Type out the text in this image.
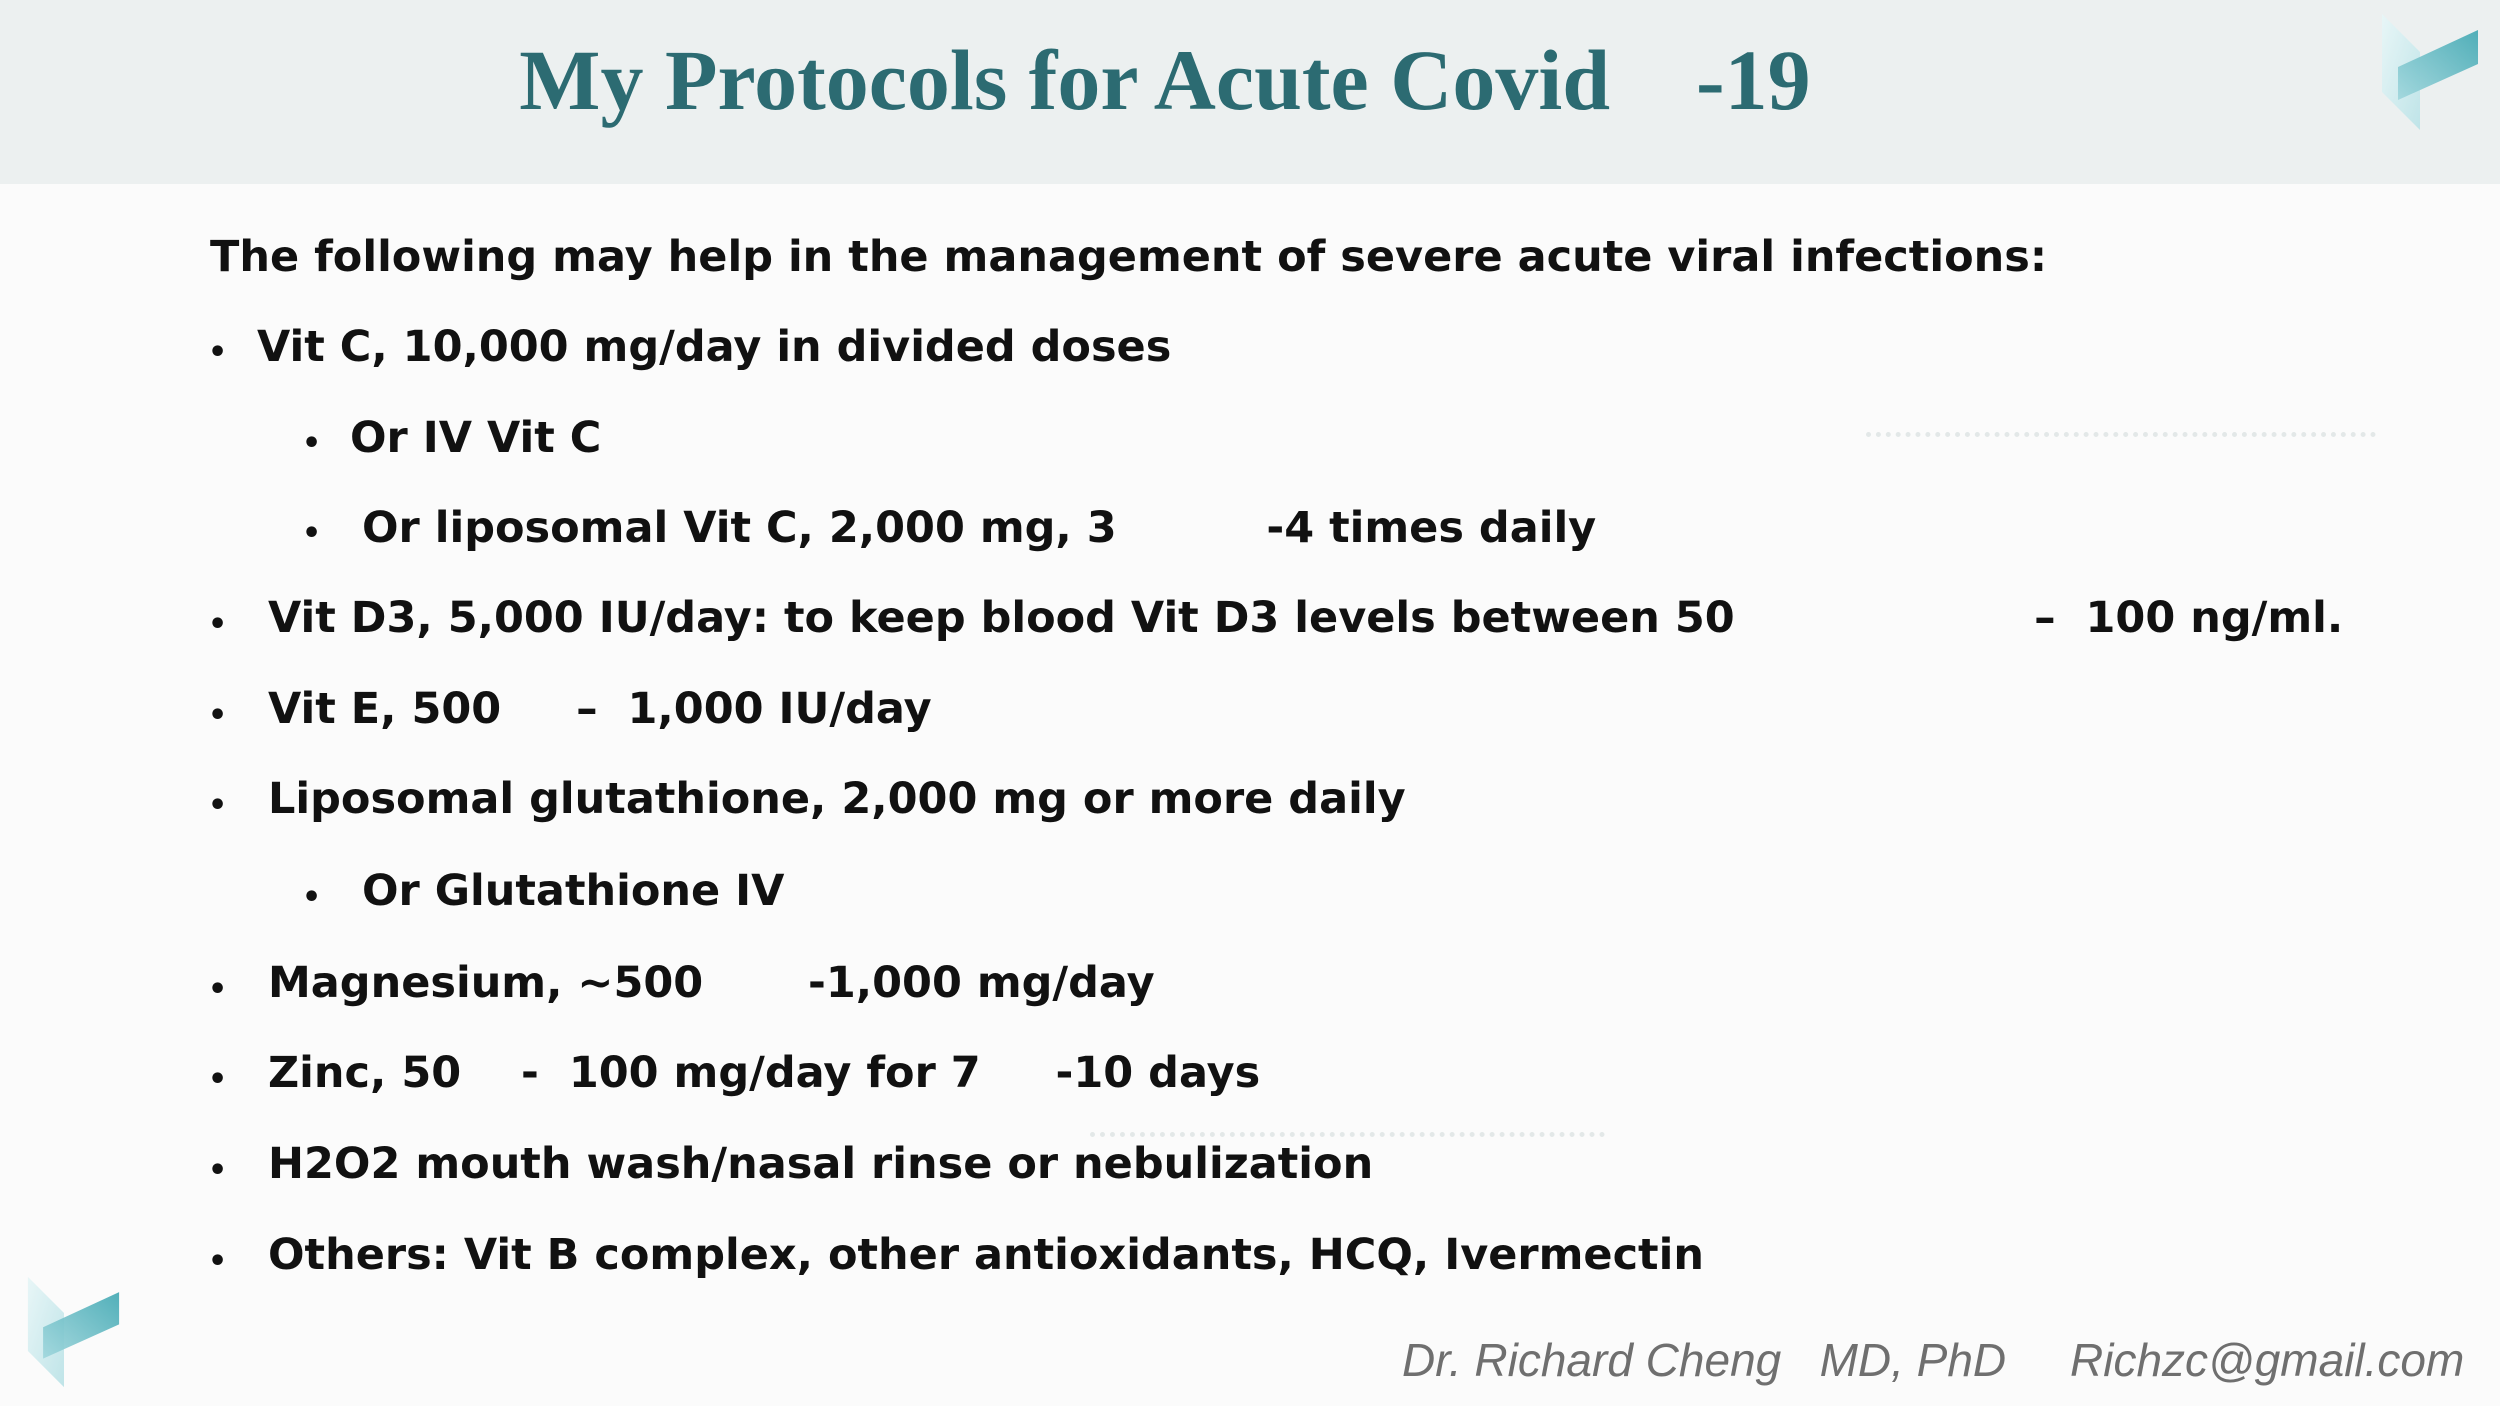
My Protocols for Acute Covid    -19
The following may help in the management of severe acute viral infections:
• Vit C, 10,000 mg/day in divided doses
• Or IV Vit C
• Or liposomal Vit C, 2,000 mg, 3          -4 times daily
• Vit D3, 5,000 IU/day: to keep blood Vit D3 levels between 50                    –  100 ng/ml.
• Vit E, 500     –  1,000 IU/day
• Liposomal glutathione, 2,000 mg or more daily
• Or Glutathione IV
• Magnesium, ~500       -1,000 mg/day
• Zinc, 50    -  100 mg/day for 7     -10 days
• H2O2 mouth wash/nasal rinse or nebulization
• Others: Vit B complex, other antioxidants, HCQ, Ivermectin
Dr. Richard Cheng   MD, PhD Richzc@gmail.com
